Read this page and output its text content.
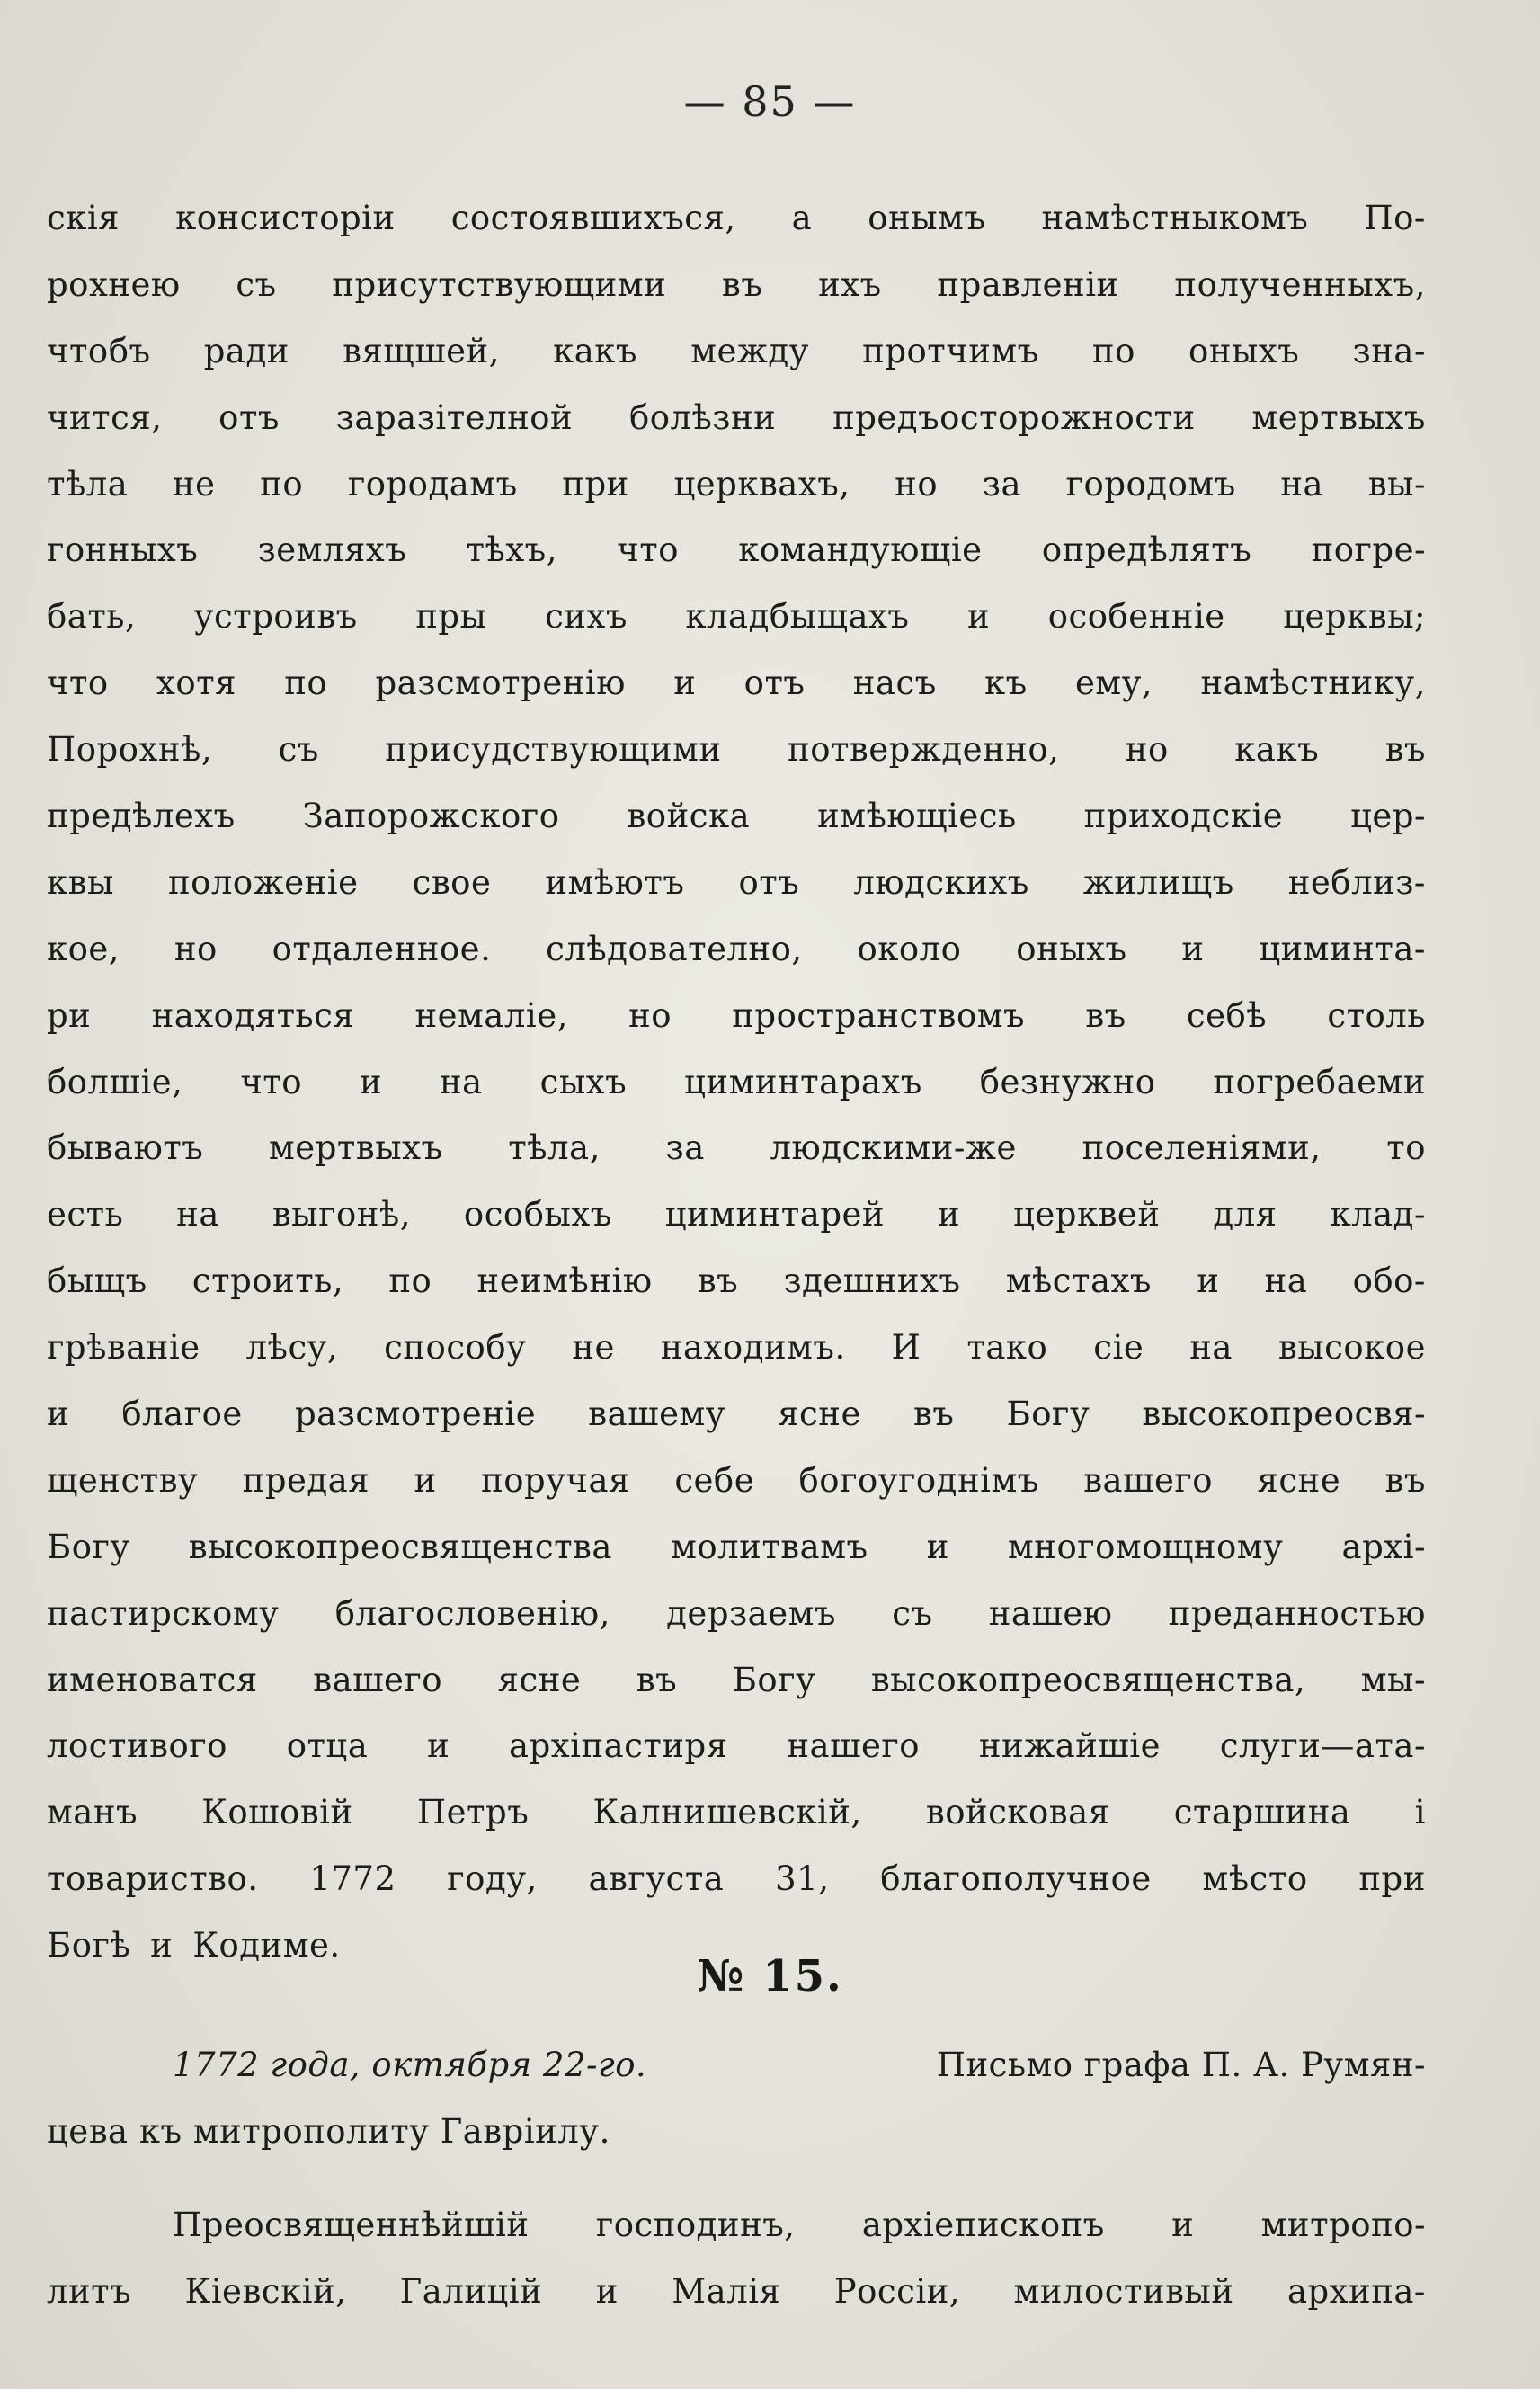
— 85 —
скія консисторіи состоявшихъся, а онымъ намѣстныкомъ По-
рохнею съ присутствующими въ ихъ правленіи полученныхъ,
чтобъ ради вящшей, какъ между протчимъ по оныхъ зна-
чится, отъ заразітелной болѣзни предъосторожности мертвыхъ
тѣла не по городамъ при церквахъ, но за городомъ на вы-
гонныхъ земляхъ тѣхъ, что командующіе опредѣлятъ погре-
бать, устроивъ пры сихъ кладбыщахъ и особенніе церквы;
что хотя по разсмотренію и отъ насъ къ ему, намѣстнику,
Порохнѣ, съ присудствующими потвержденно, но какъ въ
предѣлехъ Запорожского войска имѣющіесь приходскіе цер-
квы положеніе свое имѣютъ отъ людскихъ жилищъ неблиз-
кое, но отдаленное. слѣдователно, около оныхъ и циминта-
ри находяться немаліе, но пространствомъ въ себѣ столь
болшіе, что и на сыхъ циминтарахъ безнужно погребаеми
бываютъ мертвыхъ тѣла, за людскими-же поселеніями, то
есть на выгонѣ, особыхъ циминтарей и церквей для клад-
быщъ строить, по неимѣнію въ здешнихъ мѣстахъ и на обо-
грѣваніе лѣсу, способу не находимъ. И тако сіе на высокое
и благое разсмотреніе вашему ясне въ Богу высокопреосвя-
щенству предая и поручая себе богоугоднімъ вашего ясне въ
Богу высокопреосвященства молитвамъ и многомощному архі-
пастирскому благословенію, дерзаемъ съ нашею преданностью
именоватся вашего ясне въ Богу высокопреосвященства, мы-
лостивого отца и архіпастиря нашего нижайшіе слуги—ата-
манъ Кошовій Петръ Калнишевскій, войсковая старшина і
товариство. 1772 году, августа 31, благополучное мѣсто при
Богѣ и Кодиме.
№ 15.
1772 года, октября 22-го.	Письмо графа П. А. Румян-
цева къ митрополиту Гавріилу.
Преосвященнѣйшій господинъ, архіепископъ и митропо-
литъ Кіевскій, Галицій и Малія Россіи, милостивый архипа-
